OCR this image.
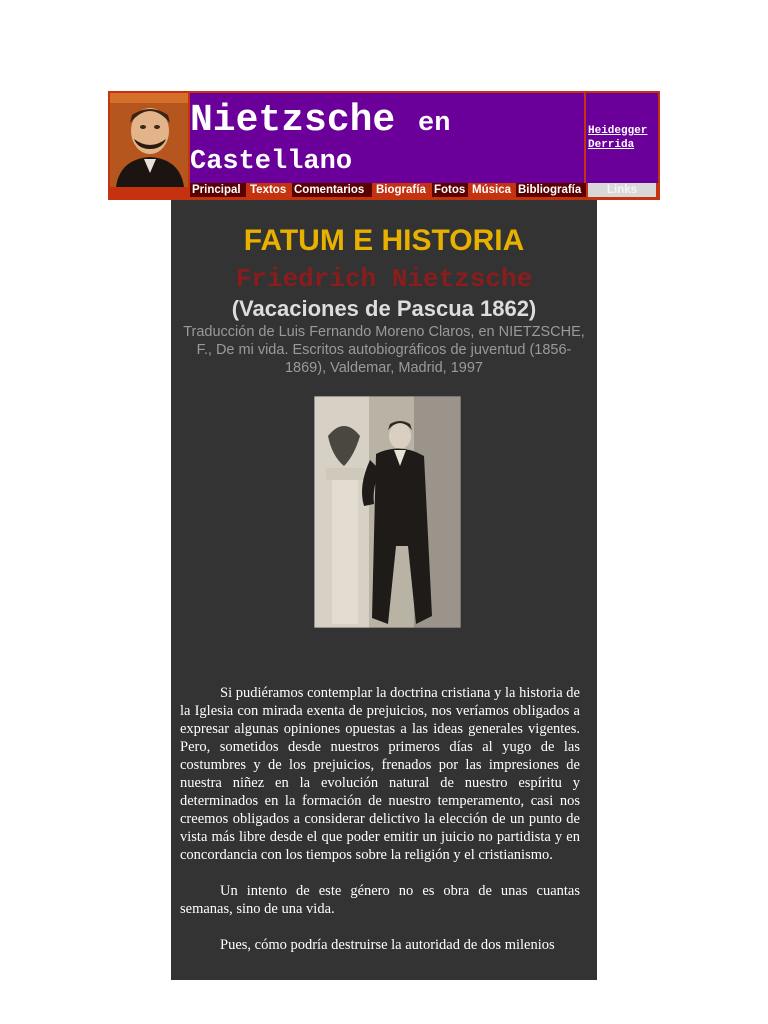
Nietzsche en
Castellano
Heidegger
Derrida
Principal Textos Comentarios	Biografía Fotos Música Bibliografía	Links
FATUM E HISTORIA
Friedrich Nietzsche
(Vacaciones de Pascua 1862)
Traducción de Luis Fernando Moreno Claros, en NIETZSCHE, F., De mi vida. Escritos autobiográficos de juventud (1856-1869), Valdemar, Madrid, 1997

Si pudiéramos contemplar la doctrina cristiana y la historia de la Iglesia con mirada exenta de prejuicios, nos veríamos obligados a expresar algunas opiniones opuestas a las ideas generales vigentes. Pero, sometidos desde nuestros primeros días al yugo de las costumbres y de los prejuicios, frenados por las impresiones de nuestra niñez en la evolución natural de nuestro espíritu y determinados en la formación de nuestro temperamento, casi nos creemos obligados a considerar delictivo la elección de un punto de vista más libre desde el que poder emitir un juicio no partidista y en concordancia con los tiempos sobre la religión y el cristianismo.

Un intento de este género no es obra de unas cuantas semanas, sino de una vida.

Pues, cómo podría destruirse la autoridad de dos milenios
